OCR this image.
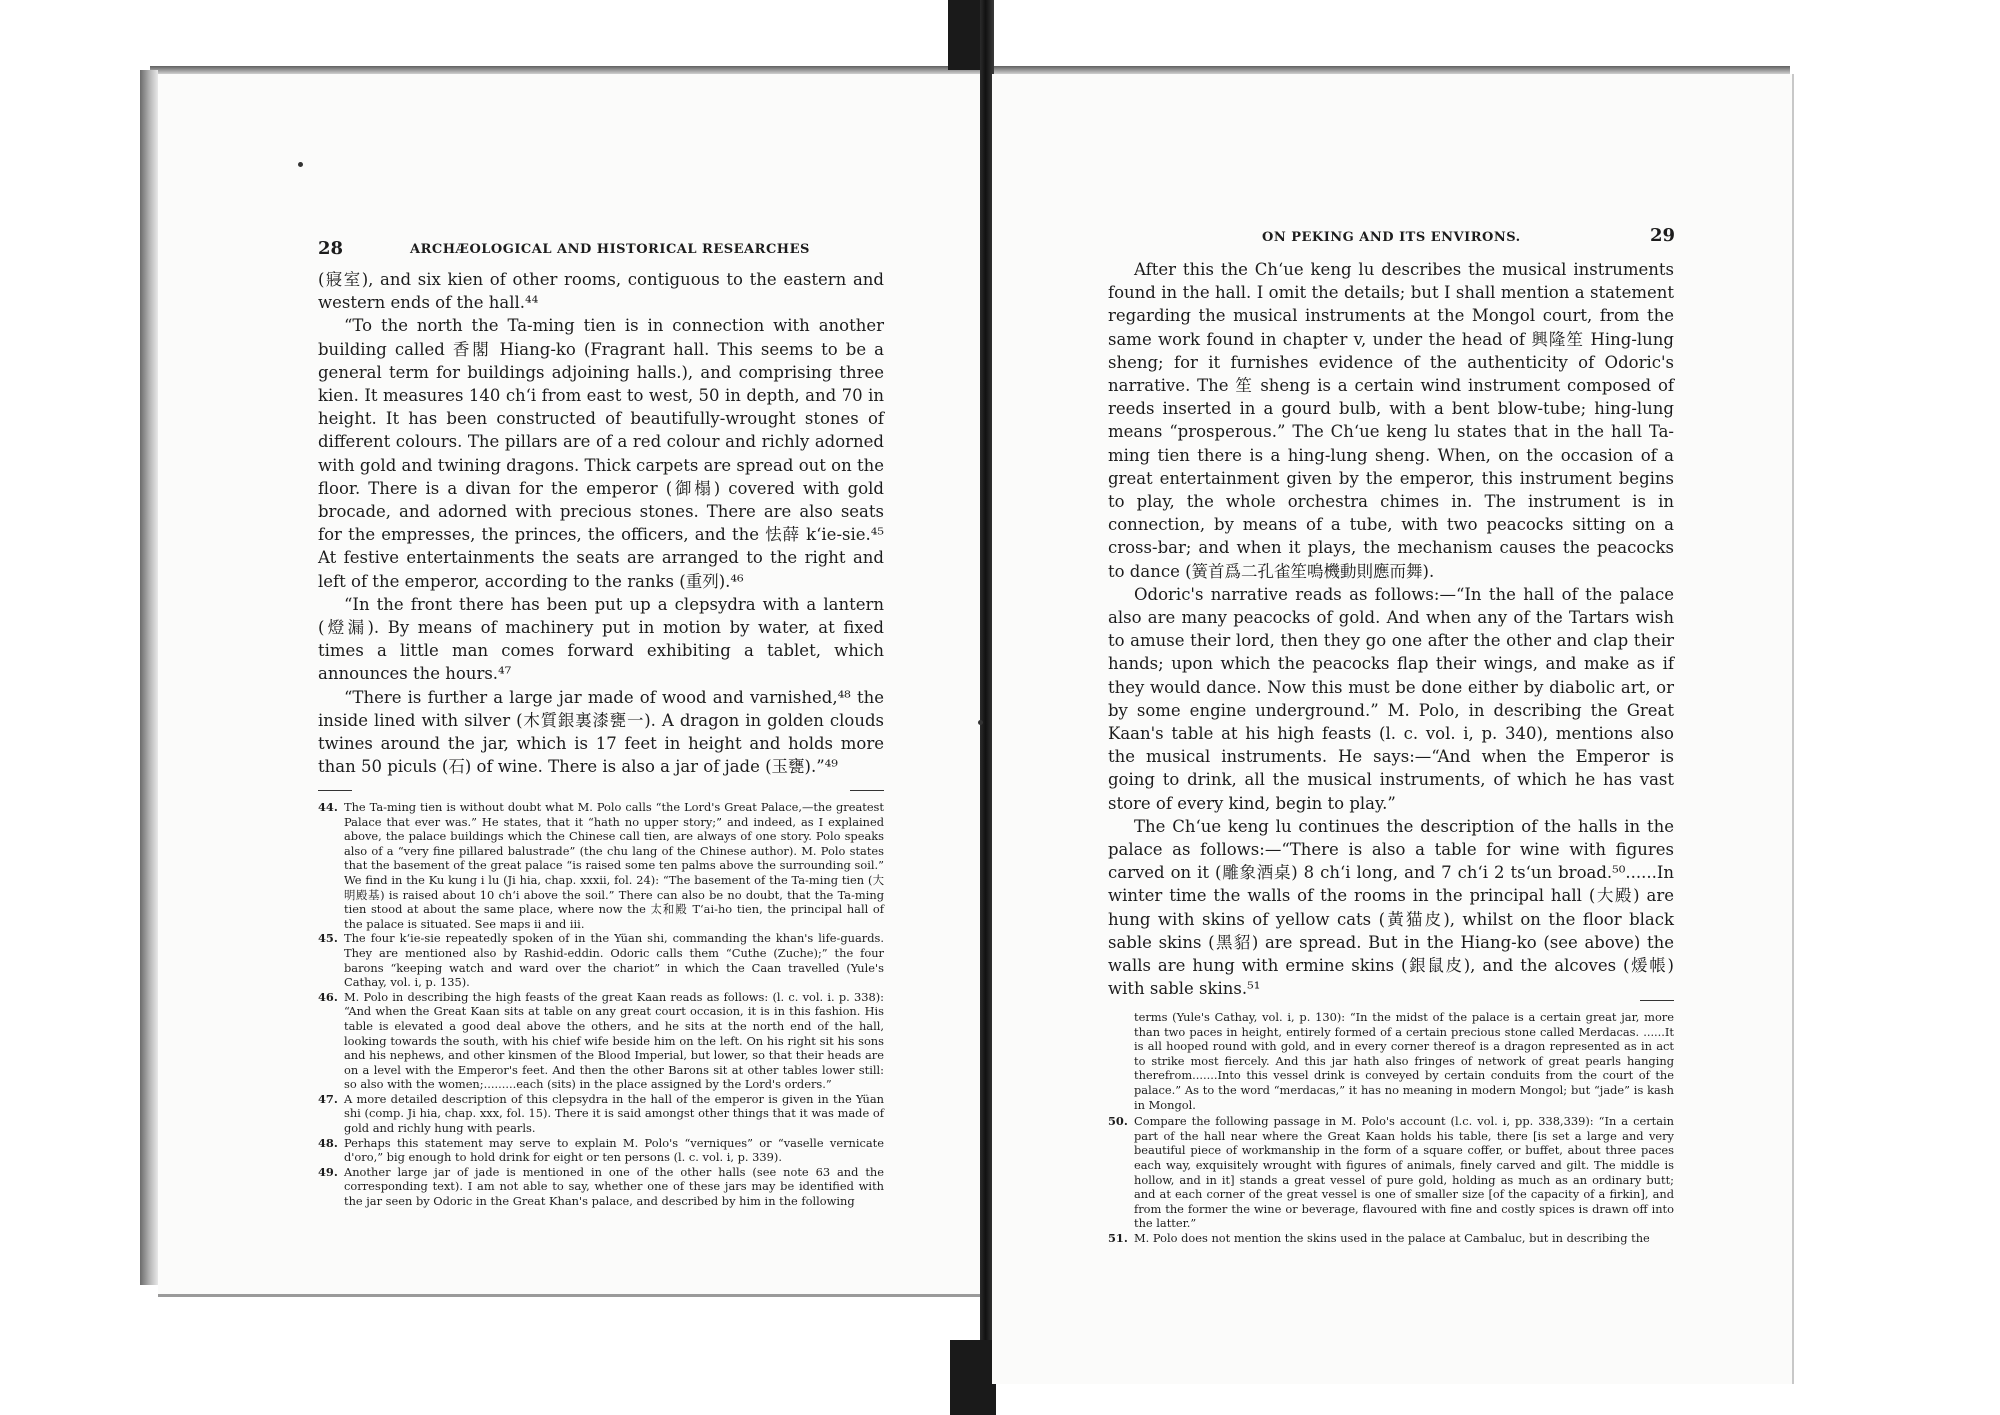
28	ARCHÆOLOGICAL AND HISTORICAL RESEARCHES

(寢室), and six kien of other rooms, contiguous to the eastern and western ends of the hall.⁴⁴

“To the north the Ta-ming tien is in connection with another building called 香閣 Hiang-ko (Fragrant hall. This seems to be a general term for buildings adjoining halls.), and comprising three kien. It measures 140 ch‘i from east to west, 50 in depth, and 70 in height. It has been constructed of beautifully-wrought stones of different colours. The pillars are of a red colour and richly adorned with gold and twining dragons. Thick carpets are spread out on the floor. There is a divan for the emperor (御榻) covered with gold brocade, and adorned with precious stones. There are also seats for the empresses, the princes, the officers, and the 怯薛 k‘ie-sie.⁴⁵ At festive entertainments the seats are arranged to the right and left of the emperor, according to the ranks (重列).⁴⁶

“In the front there has been put up a clepsydra with a lantern (燈漏). By means of machinery put in motion by water, at fixed times a little man comes forward exhibiting a tablet, which announces the hours.⁴⁷

“There is further a large jar made of wood and varnished,⁴⁸ the inside lined with silver (木質銀裏漆甕一). A dragon in golden clouds twines around the jar, which is 17 feet in height and holds more than 50 piculs (石) of wine. There is also a jar of jade (玉甕).”⁴⁹

44. The Ta-ming tien is without doubt what M. Polo calls “the Lord's Great Palace,—the greatest Palace that ever was.” He states, that it “hath no upper story;” and indeed, as I explained above, the palace buildings which the Chinese call tien, are always of one story. Polo speaks also of a “very fine pillared balustrade” (the chu lang of the Chinese author). M. Polo states that the basement of the great palace “is raised some ten palms above the surrounding soil.” We find in the Ku kung i lu (Ji hia, chap. xxxii, fol. 24): “The basement of the Ta-ming tien (大明殿基) is raised about 10 ch‘i above the soil.” There can also be no doubt, that the Ta-ming tien stood at about the same place, where now the 太和殿 T‘ai-ho tien, the principal hall of the palace is situated. See maps ii and iii.
45. The four k‘ie-sie repeatedly spoken of in the Yüan shi, commanding the khan's life-guards. They are mentioned also by Rashid-eddin. Odoric calls them “Cuthe (Zuche);” the four barons “keeping watch and ward over the chariot” in which the Caan travelled (Yule's Cathay, vol. i, p. 135).
46. M. Polo in describing the high feasts of the great Kaan reads as follows: (l. c. vol. i. p. 338): “And when the Great Kaan sits at table on any great court occasion, it is in this fashion. His table is elevated a good deal above the others, and he sits at the north end of the hall, looking towards the south, with his chief wife beside him on the left. On his right sit his sons and his nephews, and other kinsmen of the Blood Imperial, but lower, so that their heads are on a level with the Emperor's feet. And then the other Barons sit at other tables lower still: so also with the women;.........each (sits) in the place assigned by the Lord's orders.”
47. A more detailed description of this clepsydra in the hall of the emperor is given in the Yüan shi (comp. Ji hia, chap. xxx, fol. 15). There it is said amongst other things that it was made of gold and richly hung with pearls.
48. Perhaps this statement may serve to explain M. Polo's “verniques” or “vaselle vernicate d'oro,” big enough to hold drink for eight or ten persons (l. c. vol. i, p. 339).
49. Another large jar of jade is mentioned in one of the other halls (see note 63 and the corresponding text). I am not able to say, whether one of these jars may be identified with the jar seen by Odoric in the Great Khan's palace, and described by him in the following
ON PEKING AND ITS ENVIRONS.	29

After this the Ch‘ue keng lu describes the musical instruments found in the hall. I omit the details; but I shall mention a statement regarding the musical instruments at the Mongol court, from the same work found in chapter v, under the head of 興隆笙 Hing-lung sheng; for it furnishes evidence of the authenticity of Odoric's narrative. The 笙 sheng is a certain wind instrument composed of reeds inserted in a gourd bulb, with a bent blow-tube; hing-lung means “prosperous.” The Ch‘ue keng lu states that in the hall Ta-ming tien there is a hing-lung sheng. When, on the occasion of a great entertainment given by the emperor, this instrument begins to play, the whole orchestra chimes in. The instrument is in connection, by means of a tube, with two peacocks sitting on a cross-bar; and when it plays, the mechanism causes the peacocks to dance (簧首爲二孔雀笙鳴機動則應而舞).

Odoric's narrative reads as follows:—“In the hall of the palace also are many peacocks of gold. And when any of the Tartars wish to amuse their lord, then they go one after the other and clap their hands; upon which the peacocks flap their wings, and make as if they would dance. Now this must be done either by diabolic art, or by some engine underground.” M. Polo, in describing the Great Kaan's table at his high feasts (l. c. vol. i, p. 340), mentions also the musical instruments. He says:—“And when the Emperor is going to drink, all the musical instruments, of which he has vast store of every kind, begin to play.”

The Ch‘ue keng lu continues the description of the halls in the palace as follows:—“There is also a table for wine with figures carved on it (雕象酒桌) 8 ch‘i long, and 7 ch‘i 2 ts‘un broad.⁵⁰......In winter time the walls of the rooms in the principal hall (大殿) are hung with skins of yellow cats (黃猫皮), whilst on the floor black sable skins (黑貂) are spread. But in the Hiang-ko (see above) the walls are hung with ermine skins (銀鼠皮), and the alcoves (煖帳) with sable skins.⁵¹

terms (Yule's Cathay, vol. i, p. 130): “In the midst of the palace is a certain great jar, more than two paces in height, entirely formed of a certain precious stone called Merdacas. ......It is all hooped round with gold, and in every corner thereof is a dragon represented as in act to strike most fiercely. And this jar hath also fringes of network of great pearls hanging therefrom.......Into this vessel drink is conveyed by certain conduits from the court of the palace.” As to the word “merdacas,” it has no meaning in modern Mongol; but “jade” is kash in Mongol.
50. Compare the following passage in M. Polo's account (l.c. vol. i, pp. 338,339): “In a certain part of the hall near where the Great Kaan holds his table, there [is set a large and very beautiful piece of workmanship in the form of a square coffer, or buffet, about three paces each way, exquisitely wrought with figures of animals, finely carved and gilt. The middle is hollow, and in it] stands a great vessel of pure gold, holding as much as an ordinary butt; and at each corner of the great vessel is one of smaller size [of the capacity of a firkin], and from the former the wine or beverage, flavoured with fine and costly spices is drawn off into the latter.”
51. M. Polo does not mention the skins used in the palace at Cambaluc, but in describing the
